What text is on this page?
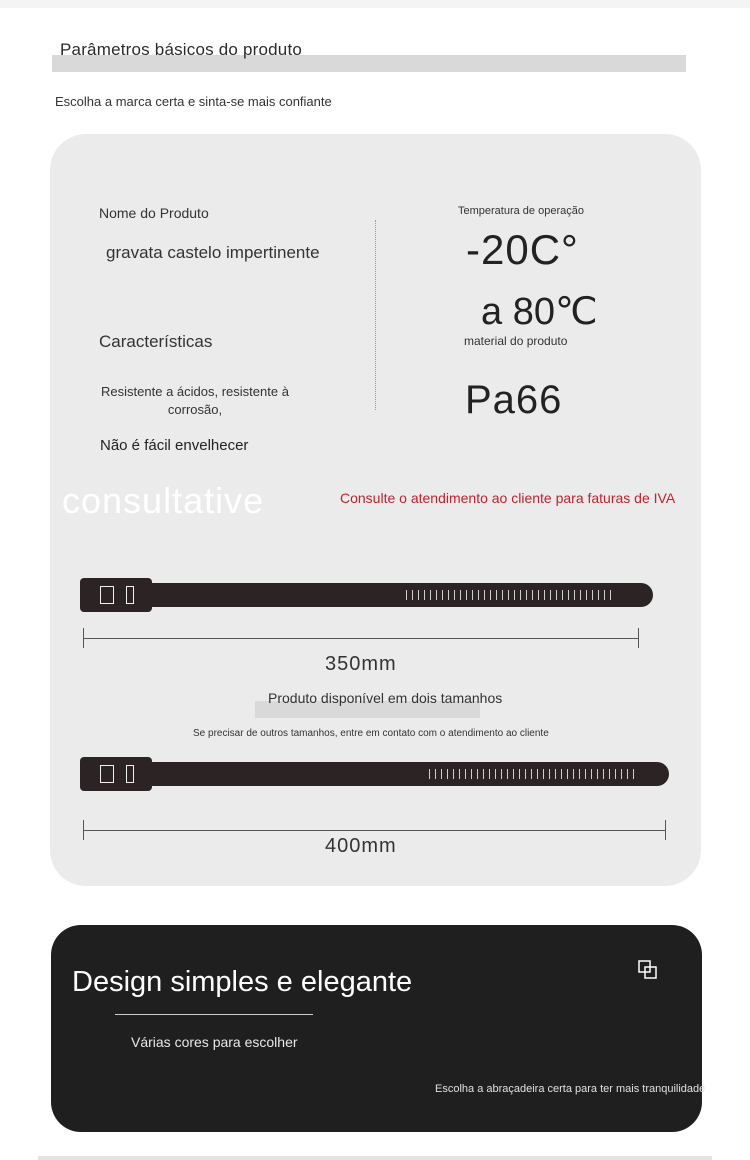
Parâmetros básicos do produto
Escolha a marca certa e sinta-se mais confiante
Nome do Produto
gravata castelo impertinente
Características
Resistente a ácidos, resistente à corrosão,
Não é fácil envelhecer
Temperatura de operação
-20C°
a 80℃
material do produto
Pa66
consultative	Consulte o atendimento ao cliente para faturas de IVA
350mm
Produto disponível em dois tamanhos
Se precisar de outros tamanhos, entre em contato com o atendimento ao cliente
400mm
Design simples e elegante
Várias cores para escolher
Escolha a abraçadeira certa para ter mais tranquilidade
